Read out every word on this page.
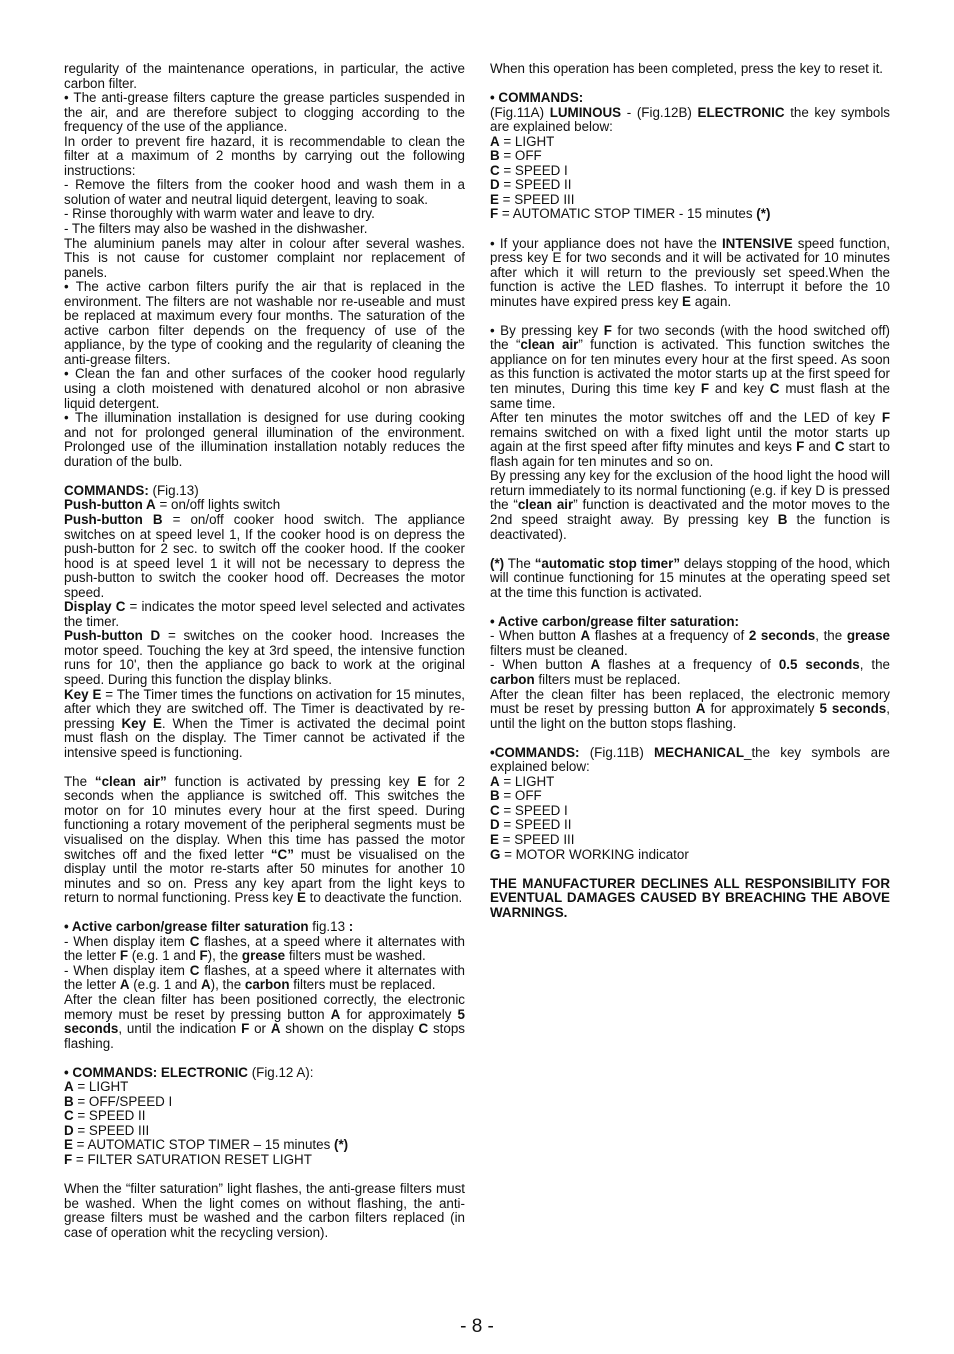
regularity of the maintenance operations, in particular, the active carbon filter.
• The anti-grease filters capture the grease particles suspended in the air, and are therefore subject to clogging according to the frequency of the use of the appliance.
In order to prevent fire hazard, it is recommendable to clean the filter at a maximum of 2 months by carrying out the following instructions:
- Remove the filters from the cooker hood and wash them in a solution of water and neutral liquid detergent, leaving to soak.
- Rinse thoroughly with warm water and leave to dry.
- The filters may also be washed in the dishwasher.
The aluminium panels may alter in colour after several washes. This is not cause for customer complaint nor replacement of panels.
• The active carbon filters purify the air that is replaced in the environment. The filters are not washable nor re-useable and must be replaced at maximum every four months. The saturation of the active carbon filter depends on the frequency of use of the appliance, by the type of cooking and the regularity of cleaning the anti-grease filters.
• Clean the fan and other surfaces of the cooker hood regularly using a cloth moistened with denatured alcohol or non abrasive liquid detergent.
• The illumination installation is designed for use during cooking and not for prolonged general illumination of the environment. Prolonged use of the illumination installation notably reduces the duration of the bulb.
COMMANDS: (Fig.13)
Push-button A = on/off lights switch
Push-button B = on/off cooker hood switch. The appliance switches on at speed level 1, If the cooker hood is on depress the push-button for 2 sec. to switch off the cooker hood. If the cooker hood is at speed level 1 it will not be necessary to depress the push-button to switch the cooker hood off. Decreases the motor speed.
Display C = indicates the motor speed level selected and activates the timer.
Push-button D = switches on the cooker hood. Increases the motor speed. Touching the key at 3rd speed, the intensive function runs for 10', then the appliance go back to work at the original speed. During this function the display blinks.
Key E = The Timer times the functions on activation for 15 minutes, after which they are switched off. The Timer is deactivated by re-pressing Key E. When the Timer is activated the decimal point must flash on the display. The Timer cannot be activated if the intensive speed is functioning.
The “clean air” function is activated by pressing key E for 2 seconds when the appliance is switched off. This switches the motor on for 10 minutes every hour at the first speed. During functioning a rotary movement of the peripheral segments must be visualised on the display. When this time has passed the motor switches off and the fixed letter “C” must be visualised on the display until the motor re-starts after 50 minutes for another 10 minutes and so on. Press any key apart from the light keys to return to normal functioning. Press key E to deactivate the function.
• Active carbon/grease filter saturation fig.13 :
- When display item C flashes, at a speed where it alternates with the letter F (e.g. 1 and F), the grease filters must be washed.
- When display item C flashes, at a speed where it alternates with the letter A (e.g. 1 and A), the carbon filters must be replaced.
After the clean filter has been positioned correctly, the electronic memory must be reset by pressing button A for approximately 5 seconds, until the indication F or A shown on the display C stops flashing.
• COMMANDS: ELECTRONIC (Fig.12 A):
A = LIGHT
B = OFF/SPEED I
C = SPEED II
D = SPEED III
E = AUTOMATIC STOP TIMER – 15 minutes (*)
F = FILTER SATURATION RESET LIGHT
When the “filter saturation” light flashes, the anti-grease filters must be washed. When the light comes on without flashing, the anti-grease filters must be washed and the carbon filters replaced (in case of operation whit the recycling version).
When this operation has been completed, press the key to reset it.
• COMMANDS:
(Fig.11A) LUMINOUS - (Fig.12B) ELECTRONIC the key symbols are explained below:
A = LIGHT
B = OFF
C = SPEED I
D = SPEED II
E = SPEED III
F = AUTOMATIC STOP TIMER - 15 minutes (*)
• If your appliance does not have the INTENSIVE speed function, press key E for two seconds and it will be activated for 10 minutes after which it will return to the previously set speed.When the function is active the LED flashes. To interrupt it before the 10 minutes have expired press key E again.
• By pressing key F for two seconds (with the hood switched off) the “clean air” function is activated. This function switches the appliance on for ten minutes every hour at the first speed. As soon as this function is activated the motor starts up at the first speed for ten minutes, During this time key F and key C must flash at the same time.
After ten minutes the motor switches off and the LED of key F remains switched on with a fixed light until the motor starts up again at the first speed after fifty minutes and keys F and C start to flash again for ten minutes and so on.
By pressing any key for the exclusion of the hood light the hood will return immediately to its normal functioning (e.g. if key D is pressed the “clean air” function is deactivated and the motor moves to the 2nd speed straight away. By pressing key B the function is deactivated).
(*) The “automatic stop timer” delays stopping of the hood, which will continue functioning for 15 minutes at the operating speed set at the time this function is activated.
• Active carbon/grease filter saturation:
- When button A flashes at a frequency of 2 seconds, the grease filters must be cleaned.
- When button A flashes at a frequency of 0.5 seconds, the carbon filters must be replaced.
After the clean filter has been replaced, the electronic memory must be reset by pressing button A for approximately 5 seconds, until the light on the button stops flashing.
•COMMANDS: (Fig.11B) MECHANICAL_the key symbols are explained below:
A = LIGHT
B = OFF
C = SPEED I
D = SPEED II
E = SPEED III
G = MOTOR WORKING indicator
THE MANUFACTURER DECLINES ALL RESPONSIBILITY FOR EVENTUAL DAMAGES CAUSED BY BREACHING THE ABOVE WARNINGS.
- 8 -
